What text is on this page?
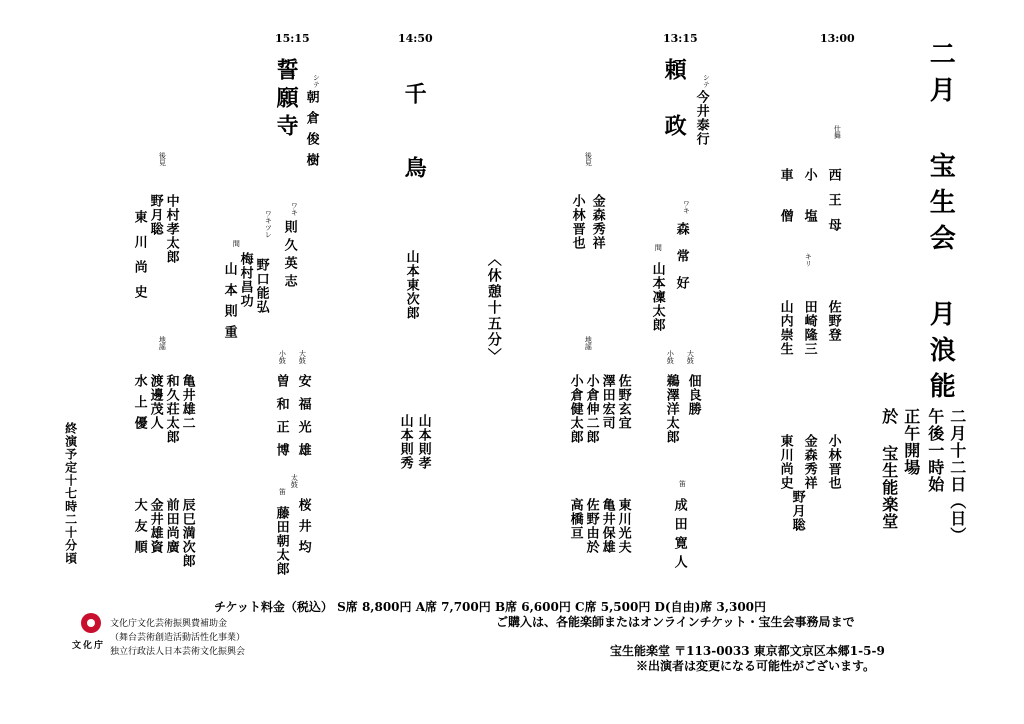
13:00
13:15
14:50
15:15
二月 宝生会 月浪能
二月十二日（日）
午後一時始
正午開場
於 宝生能楽堂
仕舞
西王母
小塩
キリ
車僧
佐野登
田崎隆三
山内崇生
小林晋也
金森秀祥
野月聡
東川尚史
頼政 シテ
今井泰行
ワキ
森常好
間
山本凜太郎
大鼓
佃良勝
小鼓
鵜澤洋太郎
笛
成田寛人
後見
金森秀祥
小林晋也
地謡
佐野玄宜
澤田宏司
小倉伸二郎
小倉健太郎
東川光夫
亀井保雄
佐野由於
高橋亘
〈休憩十五分〉
千鳥
山本東次郎
山本則孝
山本則秀
誓願寺 シテ
朝倉俊樹
ワキ
則久英志
ワキツレ
野口能弘
梅村昌功
間
山本則重
大鼓
安福光雄
小鼓
曽和正博
太鼓
桜井均
笛
藤田朝太郎
後見
中村孝太郎
野月聡
東川尚史
地謡
亀井雄二
和久荘太郎
渡邊茂人
水上優
辰巳満次郎
前田尚廣
金井雄資
大友順
終演予定十七時二十分頃
チケット料金（税込） S席 8,800円 A席 7,700円 B席 6,600円 C席 5,500円 D(自由)席 3,300円
ご購入は、各能楽師またはオンラインチケット・宝生会事務局まで
宝生能楽堂 〒113-0033 東京都文京区本郷1-5-9
※出演者は変更になる可能性がございます。
文化庁
文化庁文化芸術振興費補助金
（舞台芸術創造活動活性化事業）
独立行政法人日本芸術文化振興会
